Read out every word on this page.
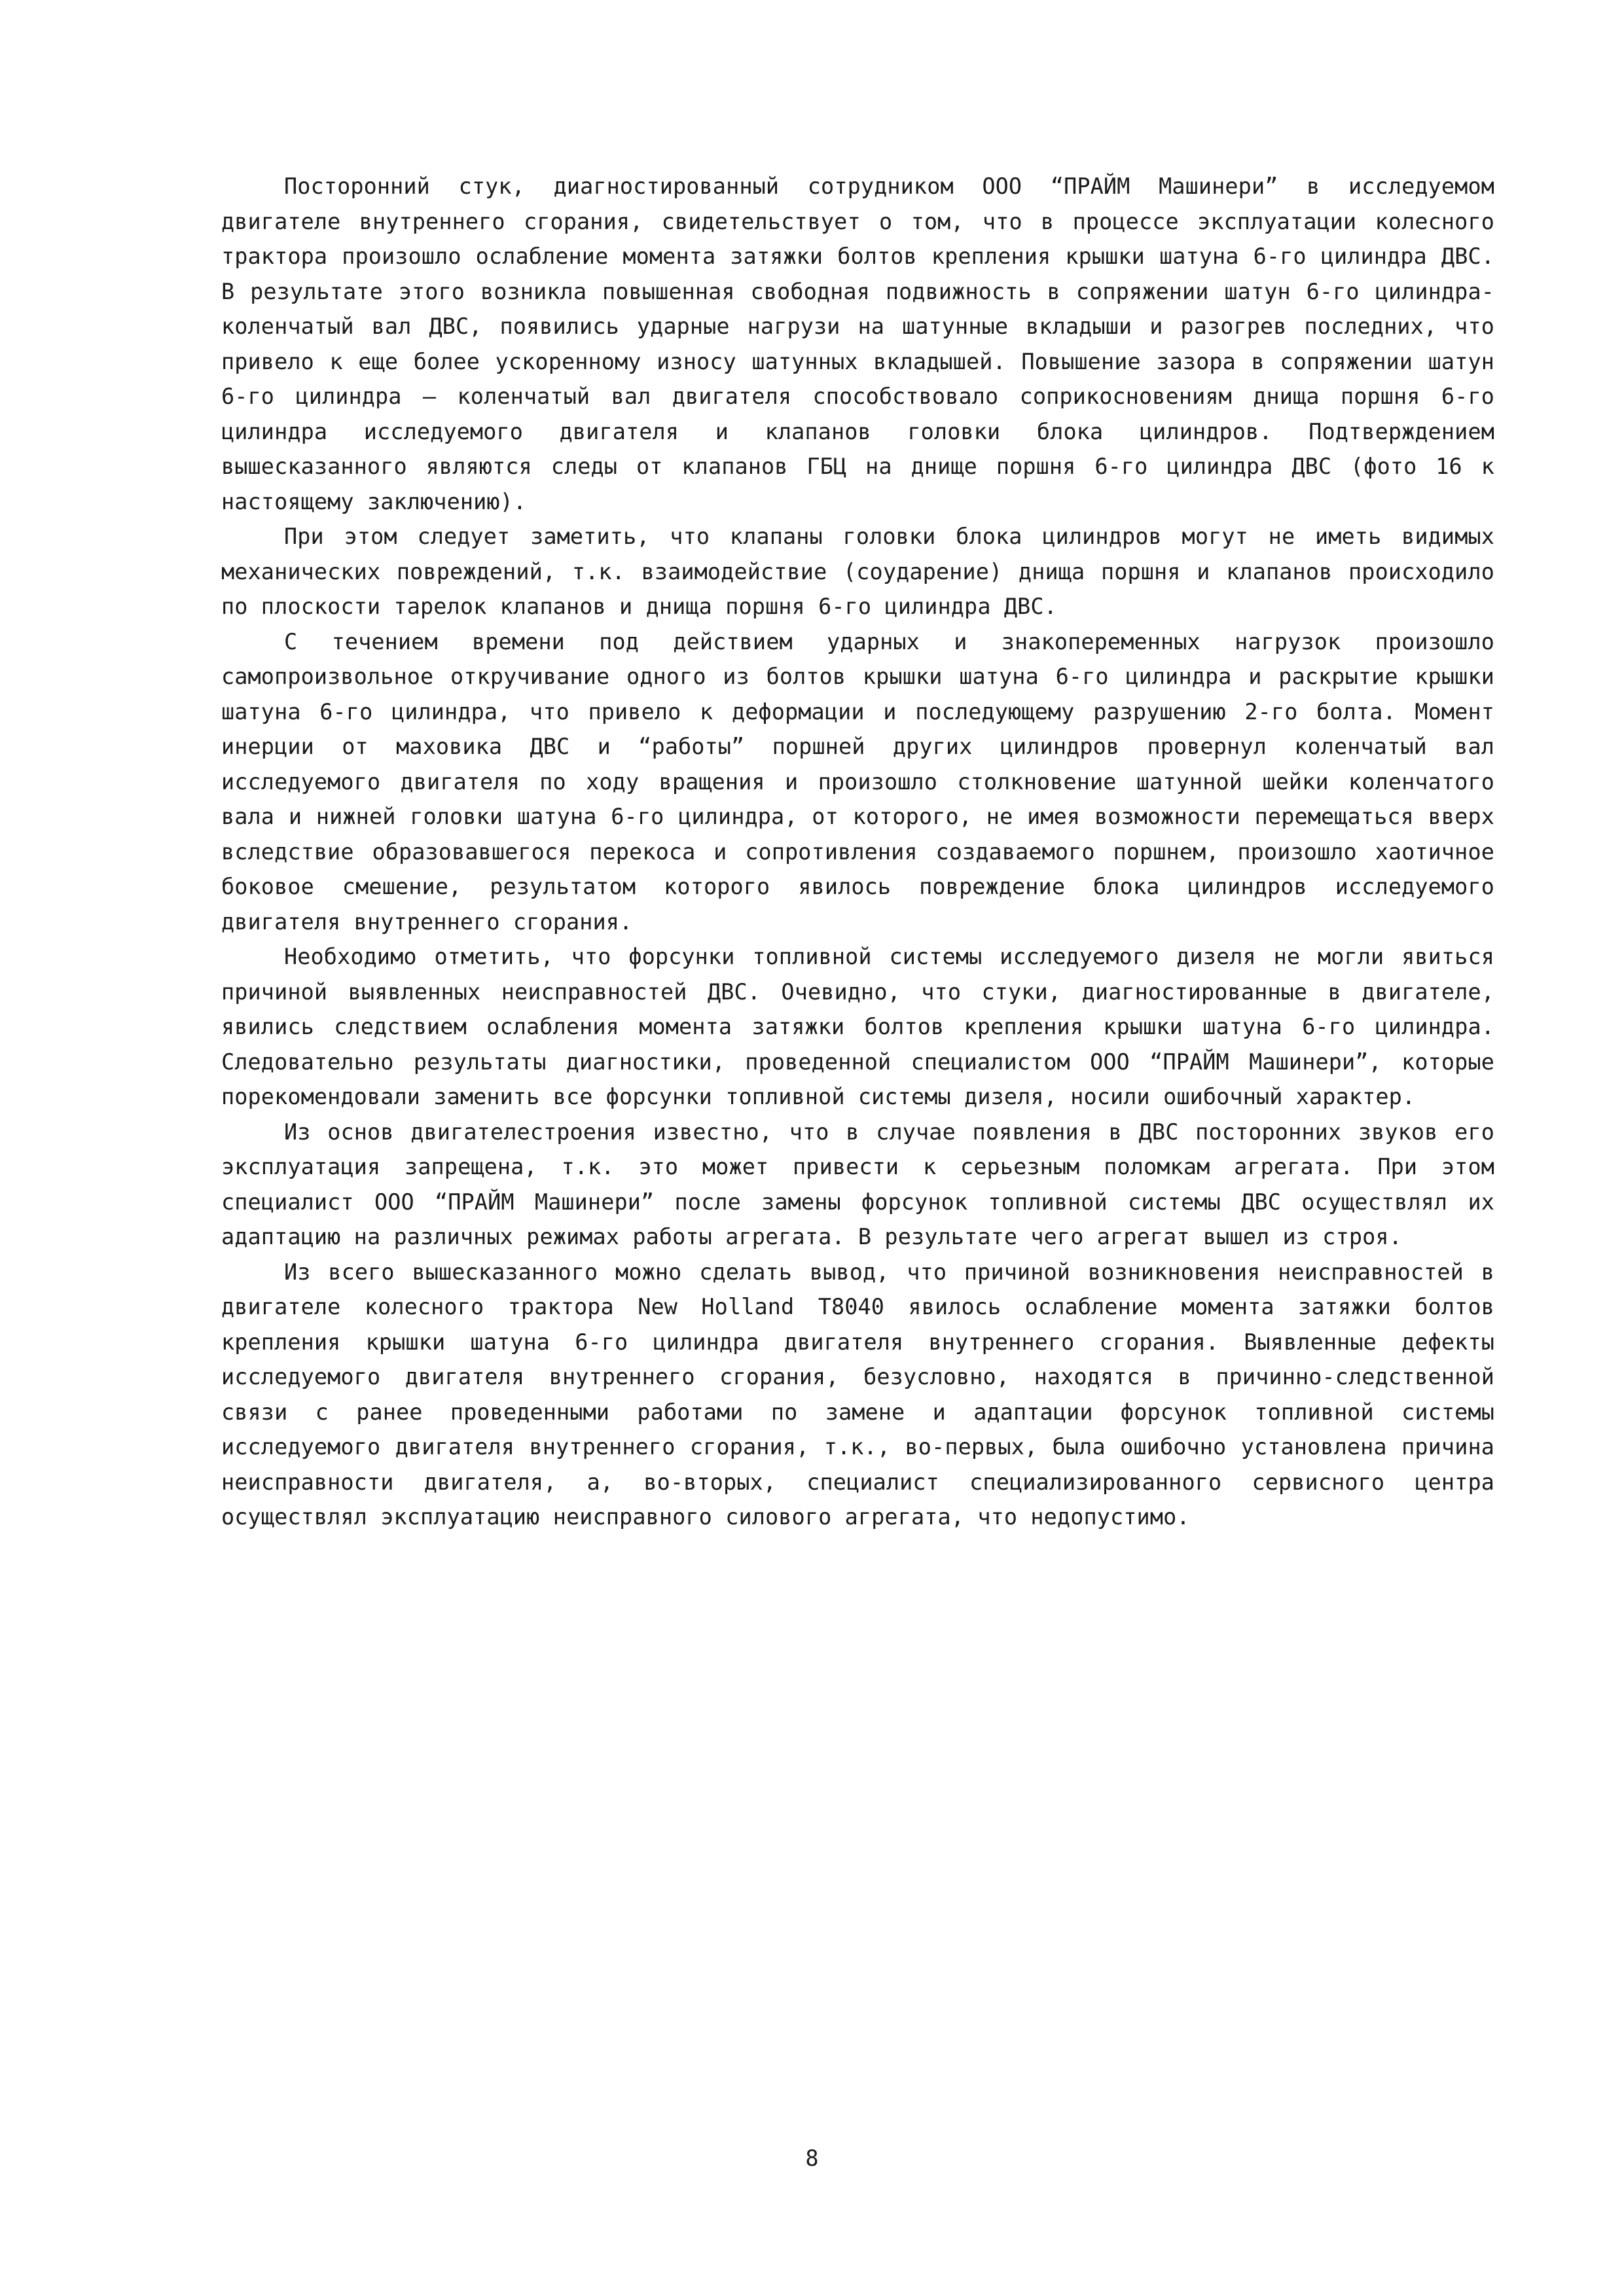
Посторонний стук, диагностированный сотрудником ООО “ПРАЙМ Машинери” в исследуемом двигателе внутреннего сгорания, свидетельствует о том, что в процессе эксплуатации колесного трактора произошло ослабление момента затяжки болтов крепления крышки шатуна 6-го цилиндра ДВС. В результате этого возникла повышенная свободная подвижность в сопряжении шатун 6-го цилиндра-коленчатый вал ДВС, появились ударные нагрузи на шатунные вкладыши и разогрев последних, что привело к еще более ускоренному износу шатунных вкладышей. Повышение зазора в сопряжении шатун 6-го цилиндра – коленчатый вал двигателя способствовало соприкосновениям днища поршня 6-го цилиндра исследуемого двигателя и клапанов головки блока цилиндров. Подтверждением вышесказанного являются следы от клапанов ГБЦ на днище поршня 6-го цилиндра ДВС (фото 16 к настоящему заключению).

При этом следует заметить, что клапаны головки блока цилиндров могут не иметь видимых механических повреждений, т.к. взаимодействие (соударение) днища поршня и клапанов происходило по плоскости тарелок клапанов и днища поршня 6-го цилиндра ДВС.

С течением времени под действием ударных и знакопеременных нагрузок произошло самопроизвольное откручивание одного из болтов крышки шатуна 6-го цилиндра и раскрытие крышки шатуна 6-го цилиндра, что привело к деформации и последующему разрушению 2-го болта. Момент инерции от маховика ДВС и “работы” поршней других цилиндров провернул коленчатый вал исследуемого двигателя по ходу вращения и произошло столкновение шатунной шейки коленчатого вала и нижней головки шатуна 6-го цилиндра, от которого, не имея возможности перемещаться вверх вследствие образовавшегося перекоса и сопротивления создаваемого поршнем, произошло хаотичное боковое смешение, результатом которого явилось повреждение блока цилиндров исследуемого двигателя внутреннего сгорания.

Необходимо отметить, что форсунки топливной системы исследуемого дизеля не могли явиться причиной выявленных неисправностей ДВС. Очевидно, что стуки, диагностированные в двигателе, явились следствием ослабления момента затяжки болтов крепления крышки шатуна 6-го цилиндра. Следовательно результаты диагностики, проведенной специалистом ООО “ПРАЙМ Машинери”, которые порекомендовали заменить все форсунки топливной системы дизеля, носили ошибочный характер.

Из основ двигателестроения известно, что в случае появления в ДВС посторонних звуков его эксплуатация запрещена, т.к. это может привести к серьезным поломкам агрегата. При этом специалист ООО “ПРАЙМ Машинери” после замены форсунок топливной системы ДВС осуществлял их адаптацию на различных режимах работы агрегата. В результате чего агрегат вышел из строя.

Из всего вышесказанного можно сделать вывод, что причиной возникновения неисправностей в двигателе колесного трактора New Holland T8040 явилось ослабление момента затяжки болтов крепления крышки шатуна 6-го цилиндра двигателя внутреннего сгорания. Выявленные дефекты исследуемого двигателя внутреннего сгорания, безусловно, находятся в причинно-следственной связи с ранее проведенными работами по замене и адаптации форсунок топливной системы исследуемого двигателя внутреннего сгорания, т.к., во-первых, была ошибочно установлена причина неисправности двигателя, а, во-вторых, специалист специализированного сервисного центра осуществлял эксплуатацию неисправного силового агрегата, что недопустимо.

8
